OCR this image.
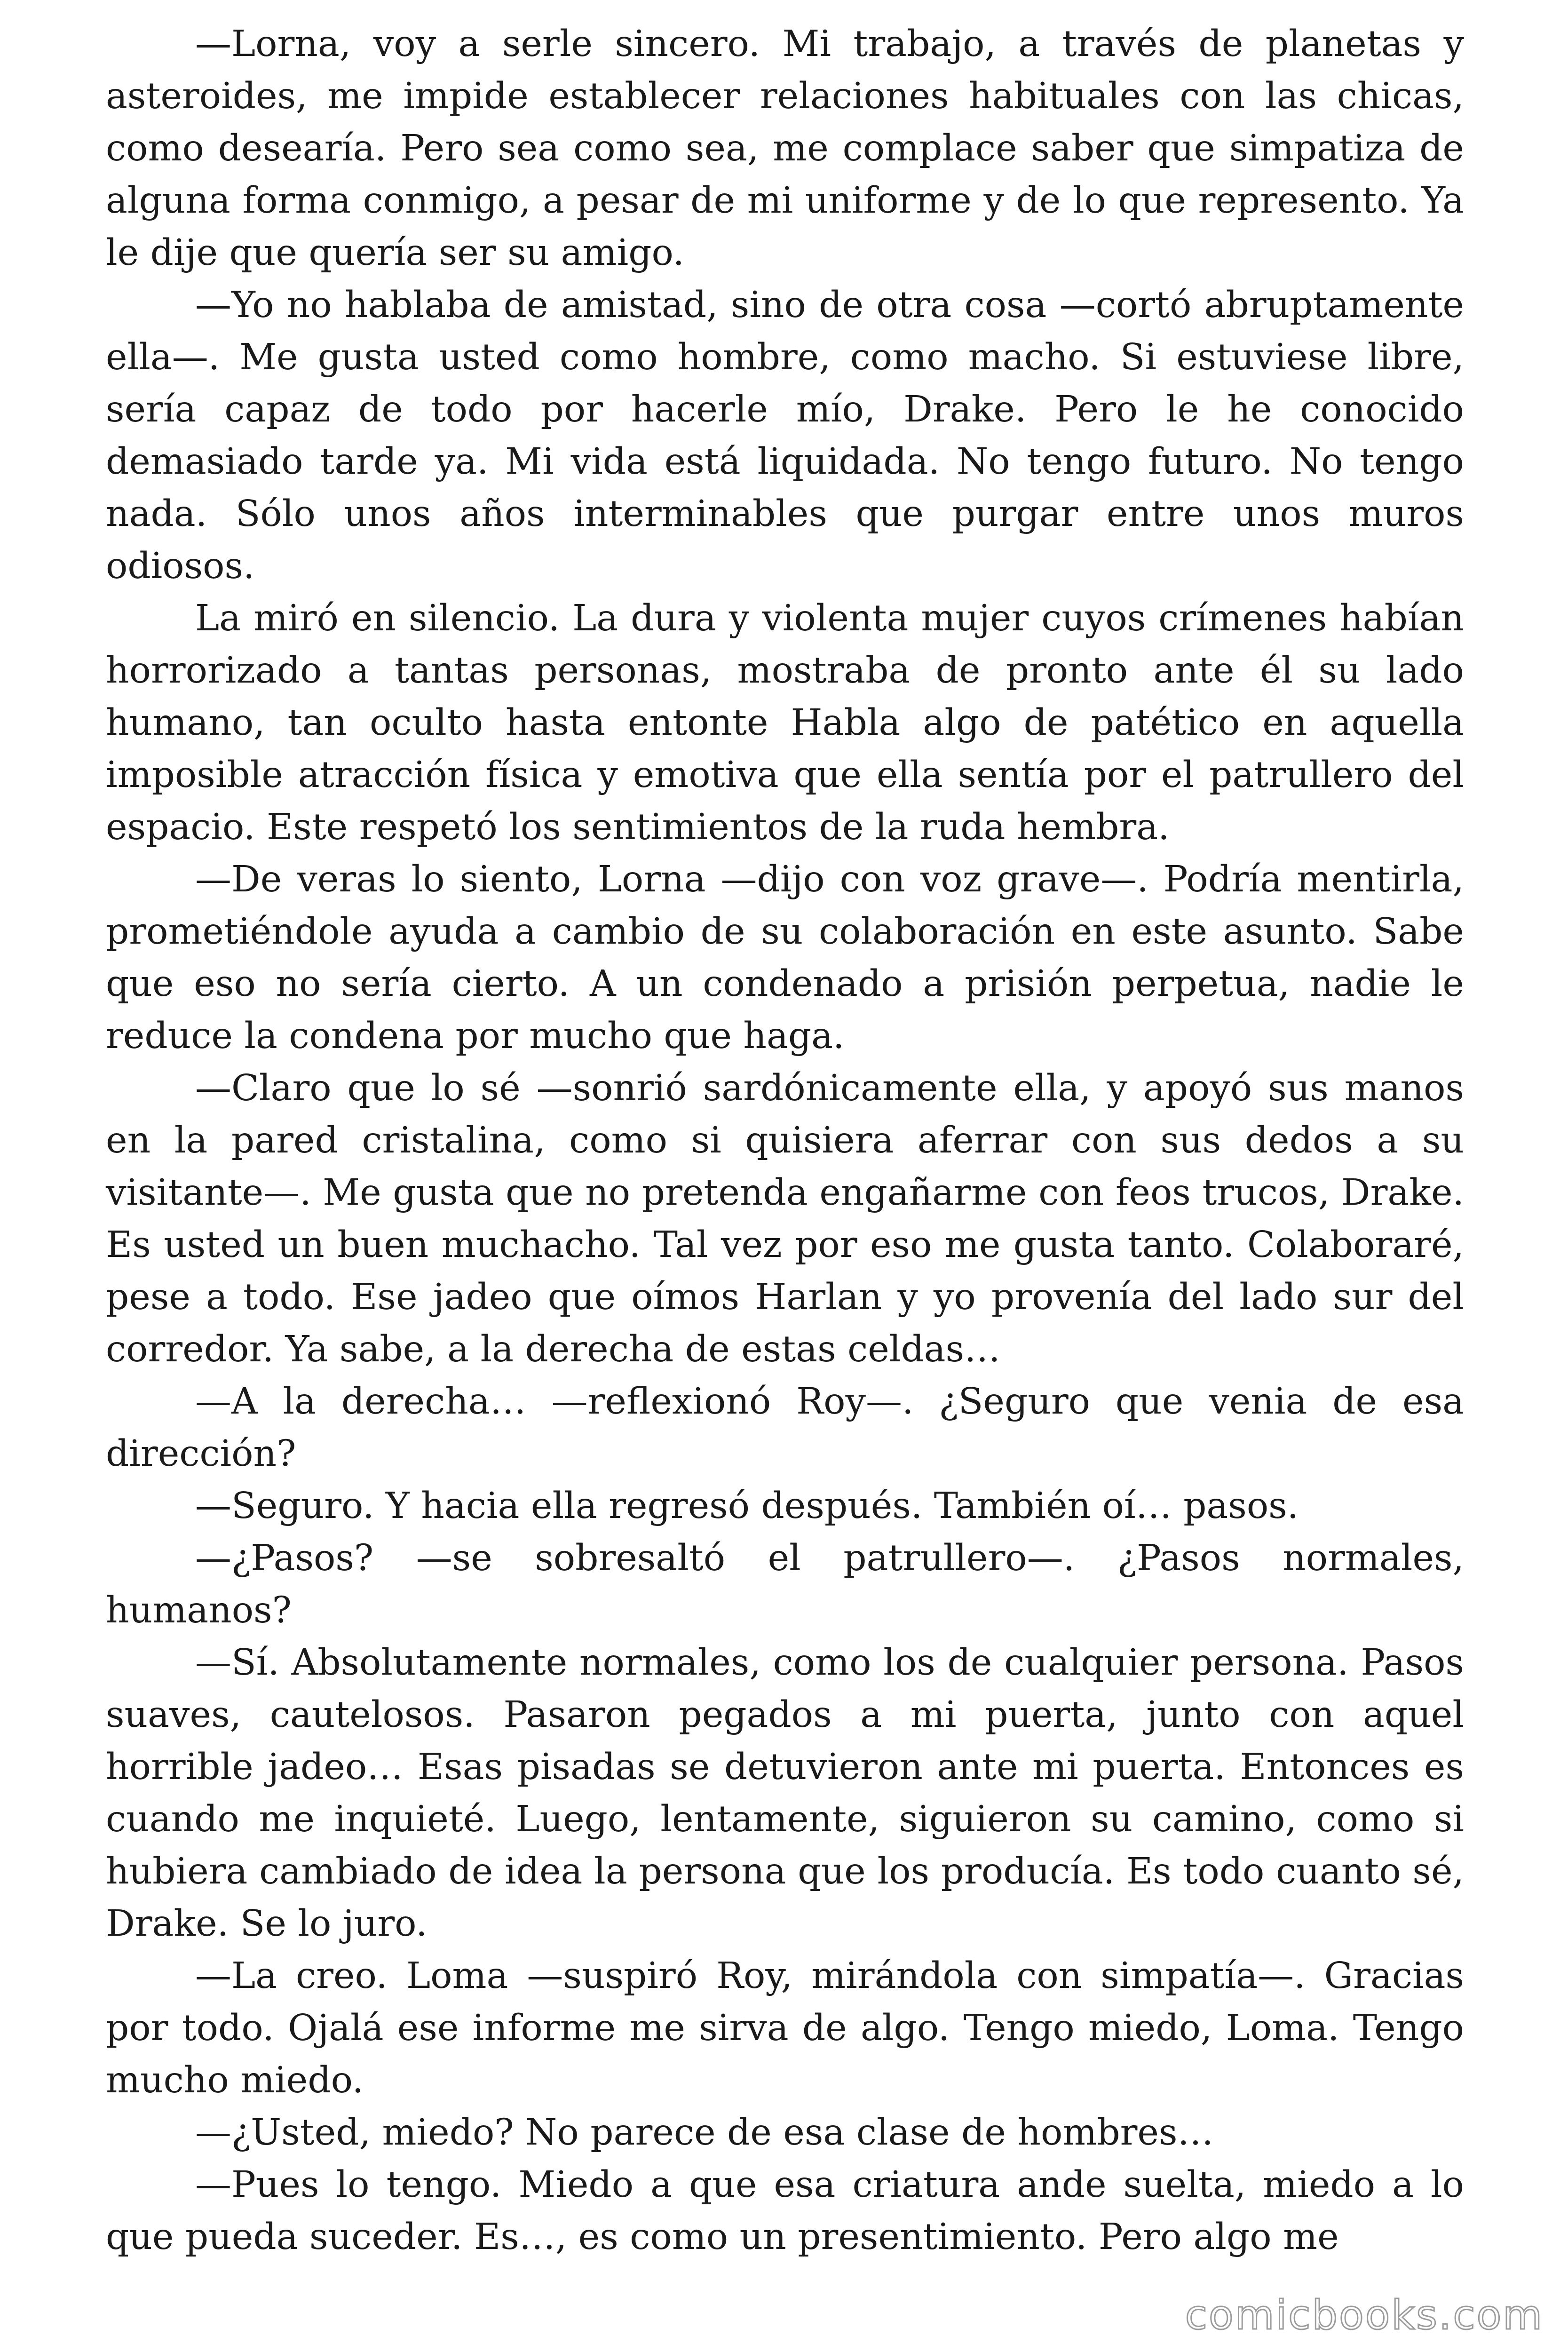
—Lorna, voy a serle sincero. Mi trabajo, a través de planetas y asteroides, me impide establecer relaciones habituales con las chicas, como desearía. Pero sea como sea, me complace saber que simpatiza de alguna forma conmigo, a pesar de mi uniforme y de lo que represento. Ya le dije que quería ser su amigo.

—Yo no hablaba de amistad, sino de otra cosa —cortó abruptamente ella—. Me gusta usted como hombre, como macho. Si estuviese libre, sería capaz de todo por hacerle mío, Drake. Pero le he conocido demasiado tarde ya. Mi vida está liquidada. No tengo futuro. No tengo nada. Sólo unos años interminables que purgar entre unos muros odiosos.

La miró en silencio. La dura y violenta mujer cuyos crímenes habían horrorizado a tantas personas, mostraba de pronto ante él su lado humano, tan oculto hasta entonte Habla algo de patético en aquella imposible atracción física y emotiva que ella sentía por el patrullero del espacio. Este respetó los sentimientos de la ruda hembra.

—De veras lo siento, Lorna —dijo con voz grave—. Podría mentirla, prometiéndole ayuda a cambio de su colaboración en este asunto. Sabe que eso no sería cierto. A un condenado a prisión perpetua, nadie le reduce la condena por mucho que haga.

—Claro que lo sé —sonrió sardónicamente ella, y apoyó sus manos en la pared cristalina, como si quisiera aferrar con sus dedos a su visitante—. Me gusta que no pretenda engañarme con feos trucos, Drake. Es usted un buen muchacho. Tal vez por eso me gusta tanto. Colaboraré, pese a todo. Ese jadeo que oímos Harlan y yo provenía del lado sur del corredor. Ya sabe, a la derecha de estas celdas…

—A la derecha… —reflexionó Roy—. ¿Seguro que venia de esa dirección?

—Seguro. Y hacia ella regresó después. También oí… pasos.

—¿Pasos? —se sobresaltó el patrullero—. ¿Pasos normales, humanos?

—Sí. Absolutamente normales, como los de cualquier persona. Pasos suaves, cautelosos. Pasaron pegados a mi puerta, junto con aquel horrible jadeo… Esas pisadas se detuvieron ante mi puerta. Entonces es cuando me inquieté. Luego, lentamente, siguieron su camino, como si hubiera cambiado de idea la persona que los producía. Es todo cuanto sé, Drake. Se lo juro.

—La creo. Loma —suspiró Roy, mirándola con simpatía—. Gracias por todo. Ojalá ese informe me sirva de algo. Tengo miedo, Loma. Tengo mucho miedo.

—¿Usted, miedo? No parece de esa clase de hombres…

—Pues lo tengo. Miedo a que esa criatura ande suelta, miedo a lo que pueda suceder. Es…, es como un presentimiento. Pero algo me

comicbooks.com
